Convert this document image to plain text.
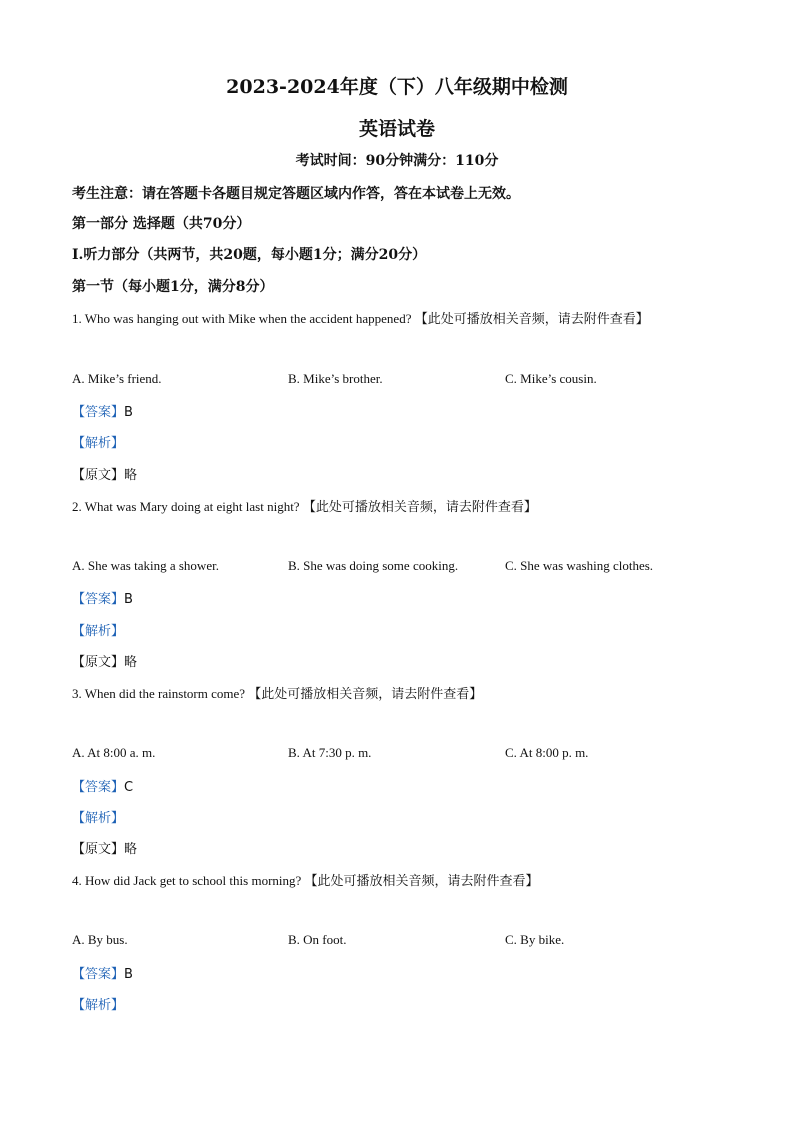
2023-2024年度（下）八年级期中检测
英语试卷
考试时间：90分钟满分：110分
考生注意：请在答题卡各题目规定答题区域内作答，答在本试卷上无效。
第一部分 选择题（共70分）
Ⅰ.听力部分（共两节，共20题，每小题1分；满分20分）
第一节（每小题1分，满分8分）
1. Who was hanging out with Mike when the accident happened? 【此处可播放相关音频，请去附件查看】
A. Mike’s friend.	B. Mike’s brother.	C. Mike’s cousin.
【答案】B
【解析】
【原文】略
2. What was Mary doing at eight last night? 【此处可播放相关音频，请去附件查看】
A. She was taking a shower.	B. She was doing some cooking.	C. She was washing clothes.
【答案】B
【解析】
【原文】略
3. When did the rainstorm come? 【此处可播放相关音频，请去附件查看】
A. At 8:00 a. m.	B. At 7:30 p. m.	C. At 8:00 p. m.
【答案】C
【解析】
【原文】略
4. How did Jack get to school this morning? 【此处可播放相关音频，请去附件查看】
A. By bus.	B. On foot.	C. By bike.
【答案】B
【解析】
